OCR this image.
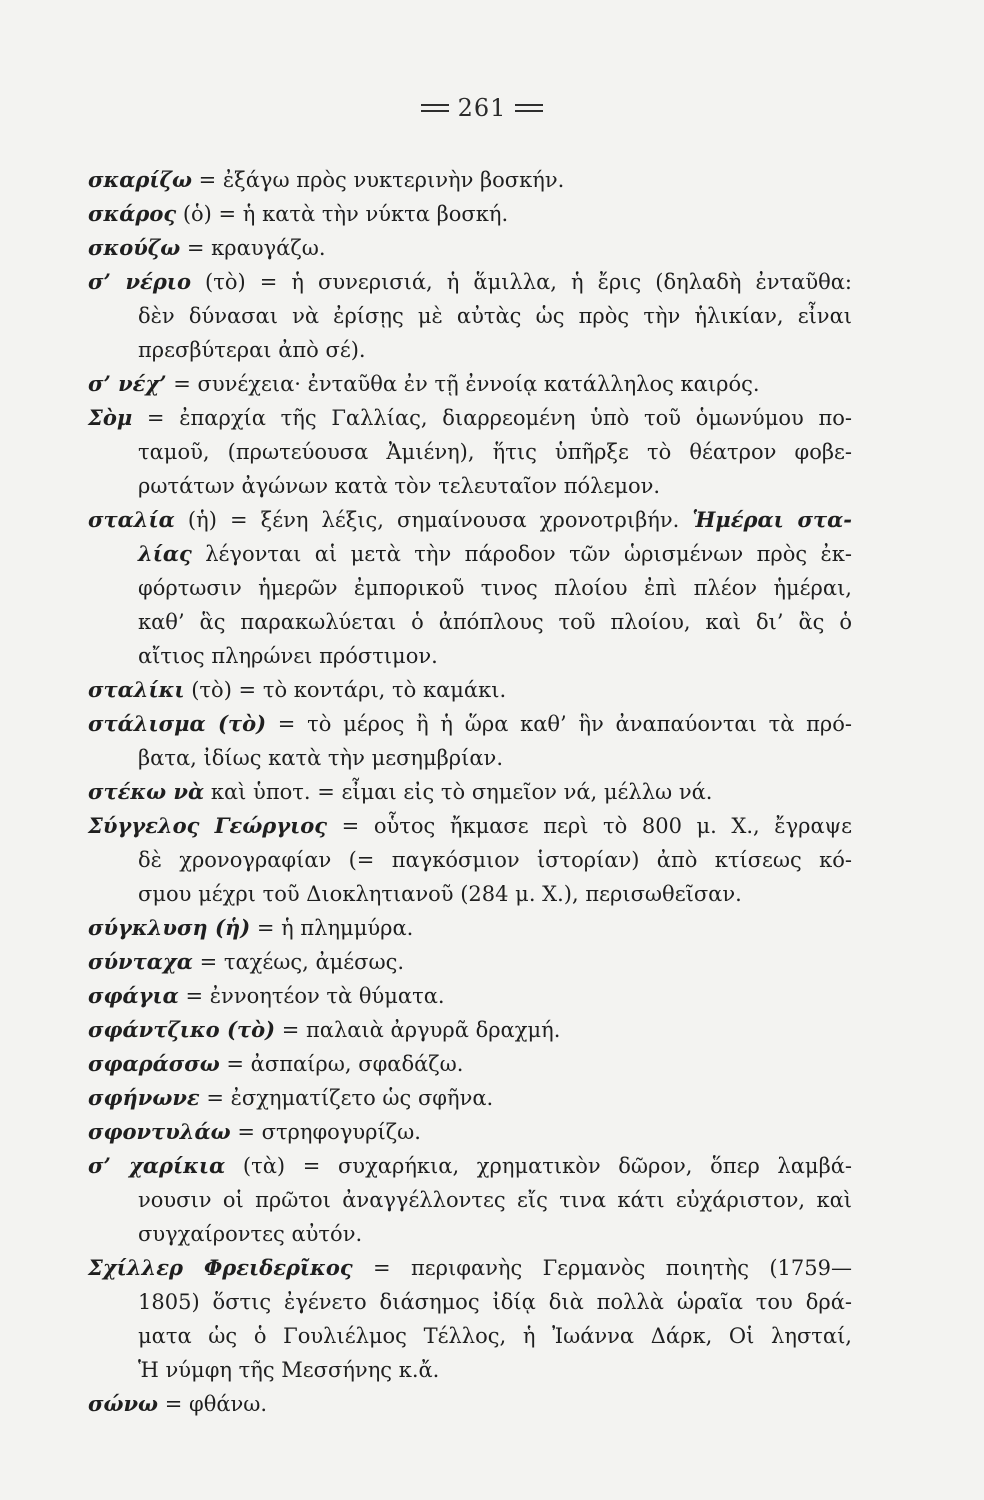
261
σκαρίζω = ἐξάγω πρὸς νυκτερινὴν βοσκήν.
σκάρος (ὁ) = ἡ κατὰ τὴν νύκτα βοσκή.
σκούζω = κραυγάζω.
σ’ νέριο (τὸ) = ἡ συνερισιά, ἡ ἅμιλλα, ἡ ἔρις (δηλαδὴ ἐνταῦθα:
δὲν δύνασαι νὰ ἐρίσῃς μὲ αὐτὰς ὡς πρὸς τὴν ἡλικίαν, εἶναι
πρεσβύτεραι ἀπὸ σέ).
σ’ νέχ’ = συνέχεια· ἐνταῦθα ἐν τῇ ἐννοίᾳ κατάλληλος καιρός.
Σὸμ = ἐπαρχία τῆς Γαλλίας, διαρρεομένη ὑπὸ τοῦ ὁμωνύμου πο-
ταμοῦ, (πρωτεύουσα Ἀμιένη), ἥτις ὑπῆρξε τὸ θέατρον φοβε-
ρωτάτων ἀγώνων κατὰ τὸν τελευταῖον πόλεμον.
σταλία (ἡ) = ξένη λέξις, σημαίνουσα χρονοτριβήν. Ἡμέραι στα-
λίας λέγονται αἱ μετὰ τὴν πάροδον τῶν ὡρισμένων πρὸς ἐκ-
φόρτωσιν ἡμερῶν ἐμπορικοῦ τινος πλοίου ἐπὶ πλέον ἡμέραι,
καθ’ ἃς παρακωλύεται ὁ ἀπόπλους τοῦ πλοίου, καὶ δι’ ἃς ὁ
αἴτιος πληρώνει πρόστιμον.
σταλίκι (τὸ) = τὸ κοντάρι, τὸ καμάκι.
στάλισμα (τὸ) = τὸ μέρος ἢ ἡ ὥρα καθ’ ἣν ἀναπαύονται τὰ πρό-
βατα, ἰδίως κατὰ τὴν μεσημβρίαν.
στέκω νὰ καὶ ὑποτ. = εἶμαι εἰς τὸ σημεῖον νά, μέλλω νά.
Σύγγελος Γεώργιος = οὗτος ἤκμασε περὶ τὸ 800 μ. Χ., ἔγραψε
δὲ χρονογραφίαν (= παγκόσμιον ἱστορίαν) ἀπὸ κτίσεως κό-
σμου μέχρι τοῦ Διοκλητιανοῦ (284 μ. Χ.), περισωθεῖσαν.
σύγκλυση (ἡ) = ἡ πλημμύρα.
σύνταχα = ταχέως, ἀμέσως.
σφάγια = ἐννοητέον τὰ θύματα.
σφάντζικο (τὸ) = παλαιὰ ἀργυρᾶ δραχμή.
σφαράσσω = ἀσπαίρω, σφαδάζω.
σφήνωνε = ἐσχηματίζετο ὡς σφῆνα.
σφοντυλάω = στρηφογυρίζω.
σ’ χαρίκια (τὰ) = συχαρήκια, χρηματικὸν δῶρον, ὅπερ λαμβά-
νουσιν οἱ πρῶτοι ἀναγγέλλοντες εἴς τινα κάτι εὐχάριστον, καὶ
συγχαίροντες αὐτόν.
Σχίλλερ Φρειδερῖκος = περιφανὴς Γερμανὸς ποιητὴς (1759—
1805) ὅστις ἐγένετο διάσημος ἰδίᾳ διὰ πολλὰ ὡραῖα του δρά-
ματα ὡς ὁ Γουλιέλμος Τέλλος, ἡ Ἰωάννα Δάρκ, Οἱ λησταί,
Ἡ νύμφη τῆς Μεσσήνης κ.ἄ.
σώνω = φθάνω.
